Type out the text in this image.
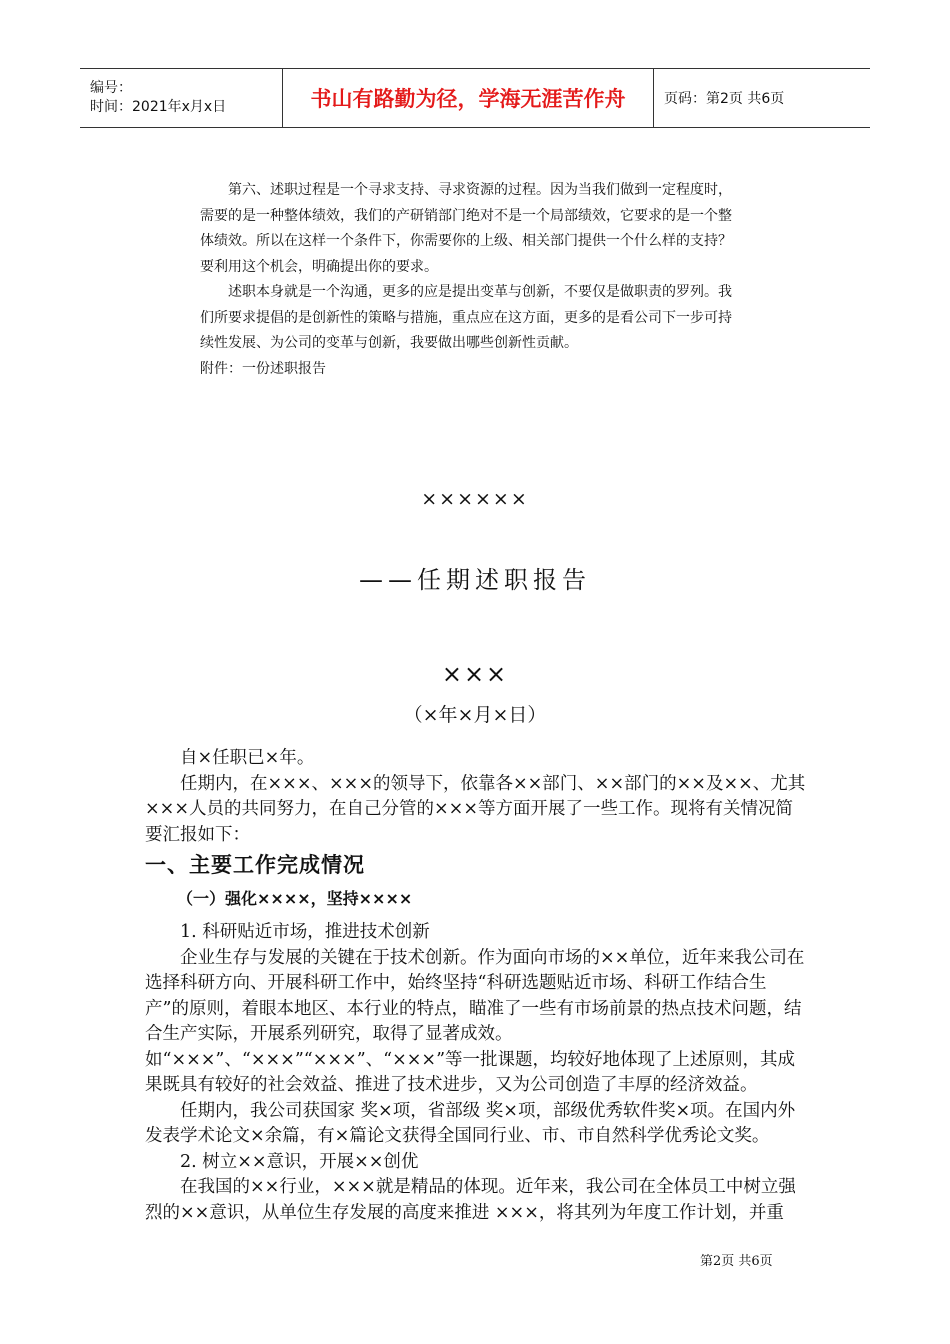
编号：
时间：2021年x月x日	书山有路勤为径，学海无涯苦作舟	页码：第2页 共6页

第六、述职过程是一个寻求支持、寻求资源的过程。因为当我们做到一定程度时，需要的是一种整体绩效，我们的产研销部门绝对不是一个局部绩效，它要求的是一个整体绩效。所以在这样一个条件下，你需要你的上级、相关部门提供一个什么样的支持？要利用这个机会，明确提出你的要求。

述职本身就是一个沟通，更多的应是提出变革与创新，不要仅是做职责的罗列。我们所要求提倡的是创新性的策略与措施，重点应在这方面，更多的是看公司下一步可持续性发展、为公司的变革与创新，我要做出哪些创新性贡献。

附件：一份述职报告

××××××
——任期述职报告
×××
（×年×月×日）

自×任职已×年。

任期内，在×××、×××的领导下，依靠各××部门、××部门的××及××、尤其×××人员的共同努力，在自己分管的×××等方面开展了一些工作。现将有关情况简要汇报如下：

一、主要工作完成情况
（一）强化××××，坚持××××

1. 科研贴近市场，推进技术创新

企业生存与发展的关键在于技术创新。作为面向市场的××单位，近年来我公司在选择科研方向、开展科研工作中，始终坚持“科研选题贴近市场、科研工作结合生产”的原则，着眼本地区、本行业的特点，瞄准了一些有市场前景的热点技术问题，结合生产实际，开展系列研究，取得了显著成效。如“×××”、“×××”“×××”、“×××”等一批课题，均较好地体现了上述原则，其成果既具有较好的社会效益、推进了技术进步，又为公司创造了丰厚的经济效益。

任期内，我公司获国家 奖×项，省部级 奖×项，部级优秀软件奖×项。在国内外发表学术论文×余篇，有×篇论文获得全国同行业、市、市自然科学优秀论文奖。

2. 树立××意识，开展××创优

在我国的××行业，×××就是精品的体现。近年来，我公司在全体员工中树立强烈的××意识，从单位生存发展的高度来推进 ×××，将其列为年度工作计划，并重

第2页 共6页
